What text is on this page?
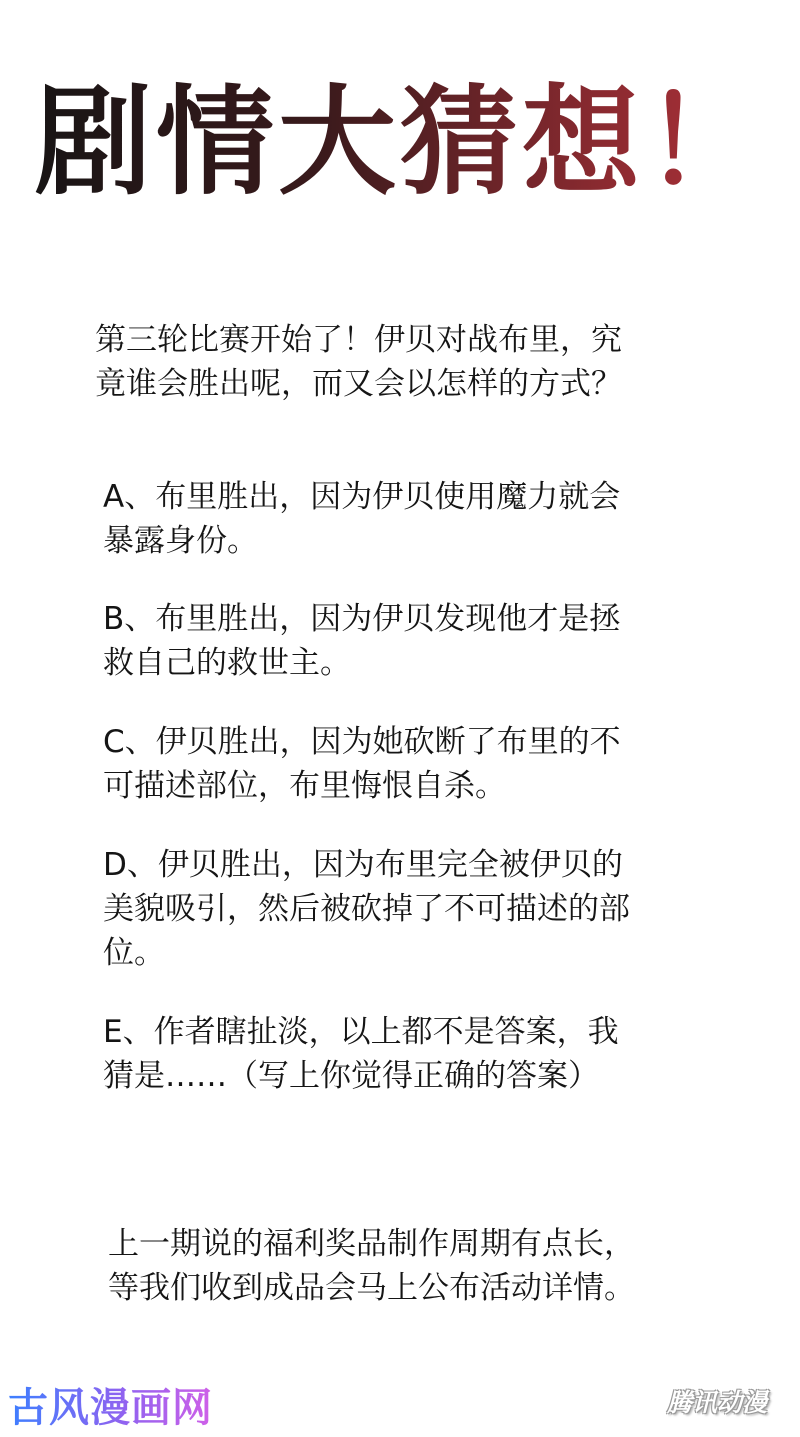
剧情大猜想！
第三轮比赛开始了！伊贝对战布里，究
竟谁会胜出呢，而又会以怎样的方式？
A、布里胜出，因为伊贝使用魔力就会
暴露身份。
B、布里胜出，因为伊贝发现他才是拯
救自己的救世主。
C、伊贝胜出，因为她砍断了布里的不
可描述部位，布里悔恨自杀。
D、伊贝胜出，因为布里完全被伊贝的
美貌吸引，然后被砍掉了不可描述的部
位。
E、作者瞎扯淡，以上都不是答案，我
猜是……（写上你觉得正确的答案）
上一期说的福利奖品制作周期有点长，
等我们收到成品会马上公布活动详情。
古风漫画网	腾讯动漫
